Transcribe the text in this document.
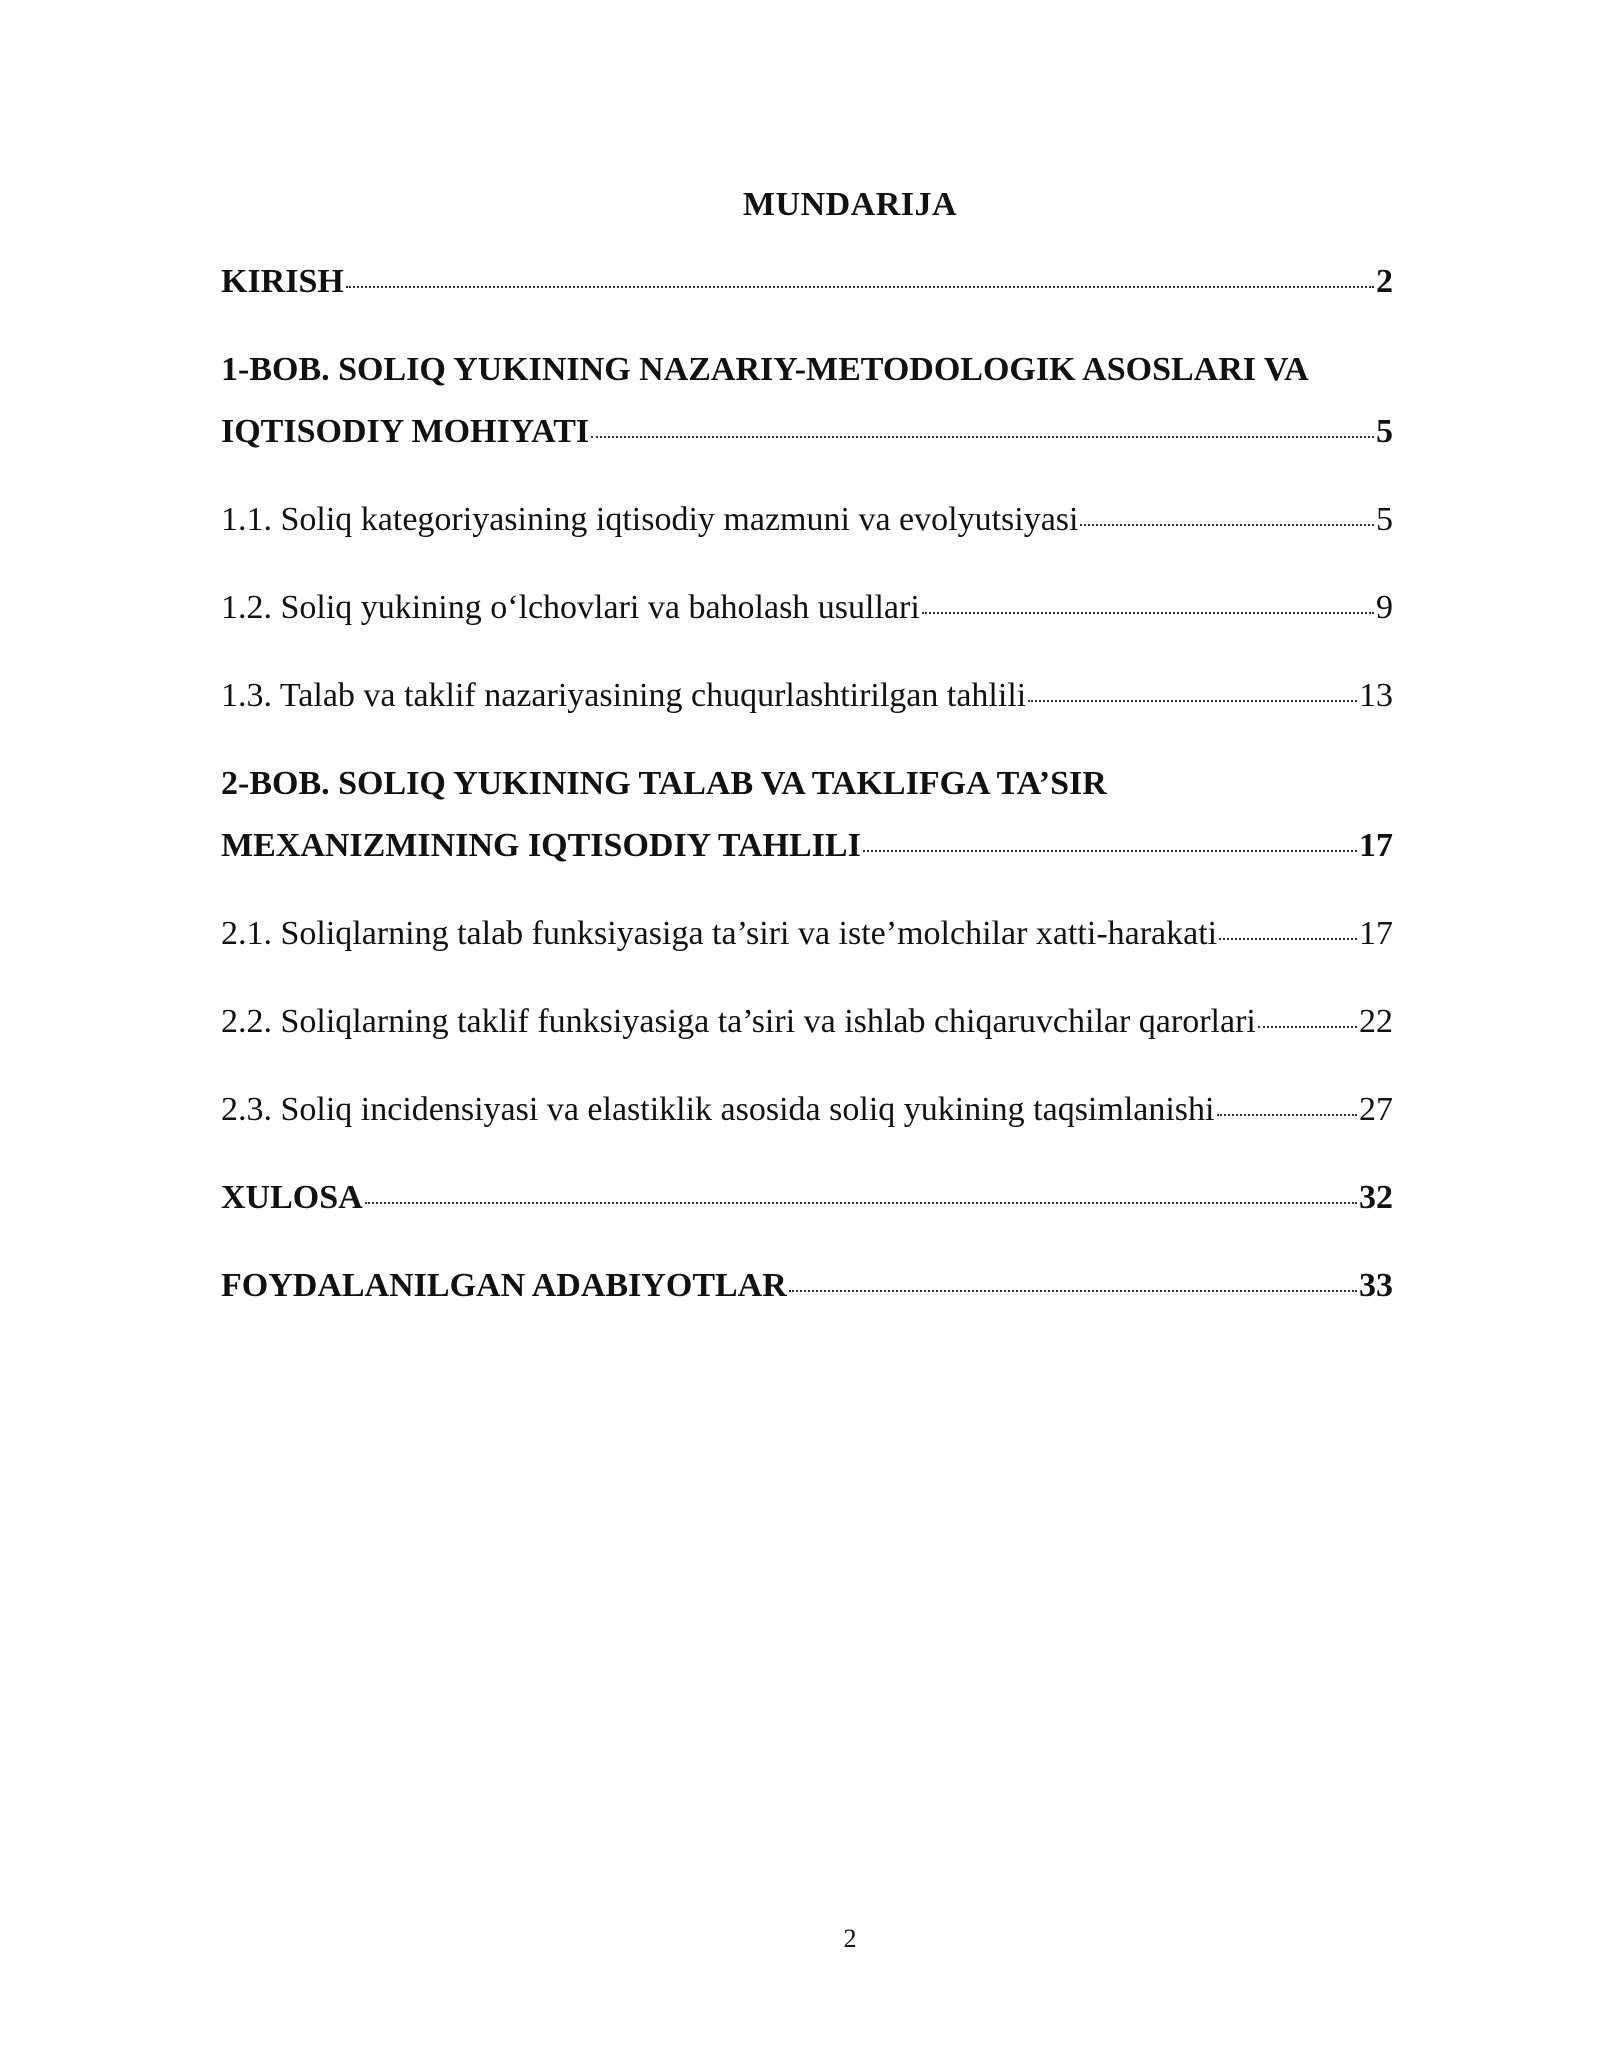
MUNDARIJA
KIRISH	2
1-BOB. SOLIQ YUKINING NAZARIY-METODOLOGIK ASOSLARI VA
IQTISODIY MOHIYATI	5
1.1. Soliq kategoriyasining iqtisodiy mazmuni va evolyutsiyasi	5
1.2. Soliq yukining o‘lchovlari va baholash usullari	9
1.3. Talab va taklif nazariyasining chuqurlashtirilgan tahlili	13
2-BOB. SOLIQ YUKINING TALAB VA TAKLIFGA TA’SIR
MEXANIZMINING IQTISODIY TAHLILI	17
2.1. Soliqlarning talab funksiyasiga ta’siri va iste’molchilar xatti-harakati	17
2.2. Soliqlarning taklif funksiyasiga ta’siri va ishlab chiqaruvchilar qarorlari	22
2.3. Soliq incidensiyasi va elastiklik asosida soliq yukining taqsimlanishi	27
XULOSA	32
FOYDALANILGAN ADABIYOTLAR	33
2
